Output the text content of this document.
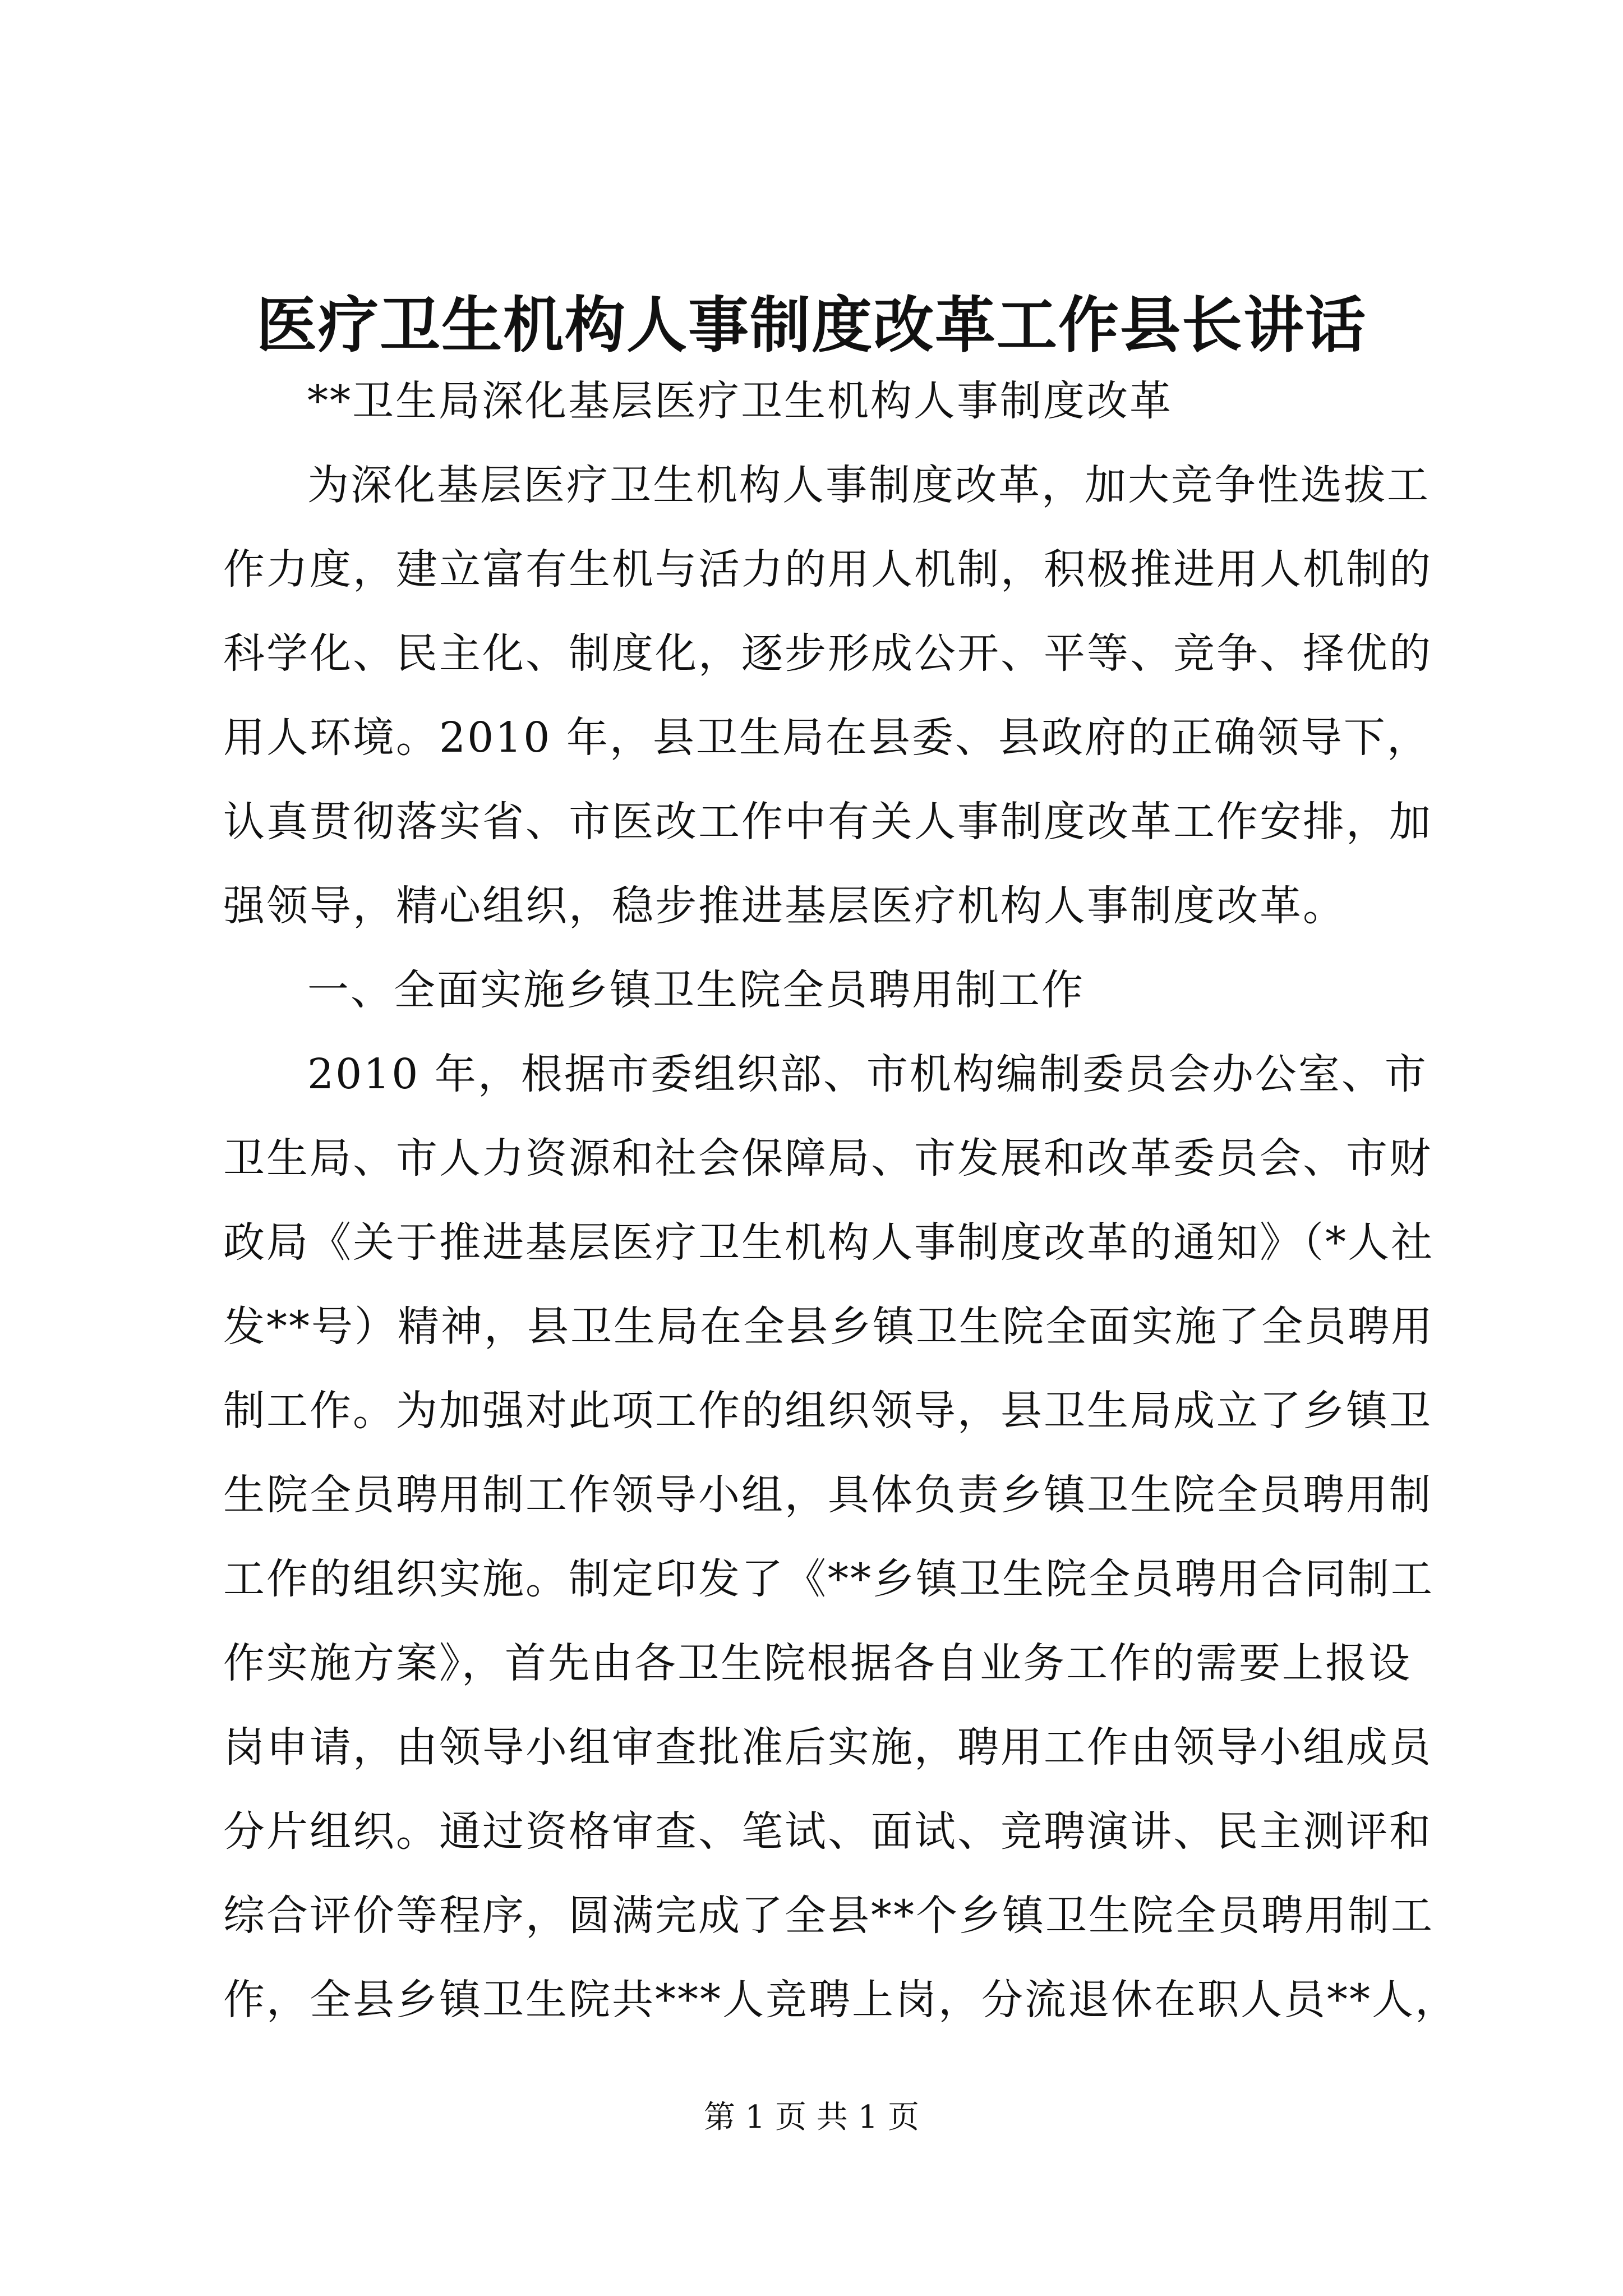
医疗卫生机构人事制度改革工作县长讲话
**卫生局深化基层医疗卫生机构人事制度改革
为深化基层医疗卫生机构人事制度改革，加大竞争性选拔工
作力度，建立富有生机与活力的用人机制，积极推进用人机制的
科学化、民主化、制度化，逐步形成公开、平等、竞争、择优的
用人环境。2010 年，县卫生局在县委、县政府的正确领导下，
认真贯彻落实省、市医改工作中有关人事制度改革工作安排，加
强领导，精心组织，稳步推进基层医疗机构人事制度改革。
一、全面实施乡镇卫生院全员聘用制工作
2010 年，根据市委组织部、市机构编制委员会办公室、市
卫生局、市人力资源和社会保障局、市发展和改革委员会、市财
政局《关于推进基层医疗卫生机构人事制度改革的通知》（*人社
发**号）精神，县卫生局在全县乡镇卫生院全面实施了全员聘用
制工作。为加强对此项工作的组织领导，县卫生局成立了乡镇卫
生院全员聘用制工作领导小组，具体负责乡镇卫生院全员聘用制
工作的组织实施。制定印发了《**乡镇卫生院全员聘用合同制工
作实施方案》，首先由各卫生院根据各自业务工作的需要上报设
岗申请，由领导小组审查批准后实施，聘用工作由领导小组成员
分片组织。通过资格审查、笔试、面试、竞聘演讲、民主测评和
综合评价等程序，圆满完成了全县**个乡镇卫生院全员聘用制工
作，全县乡镇卫生院共***人竞聘上岗，分流退休在职人员**人，
第 1 页 共 1 页
